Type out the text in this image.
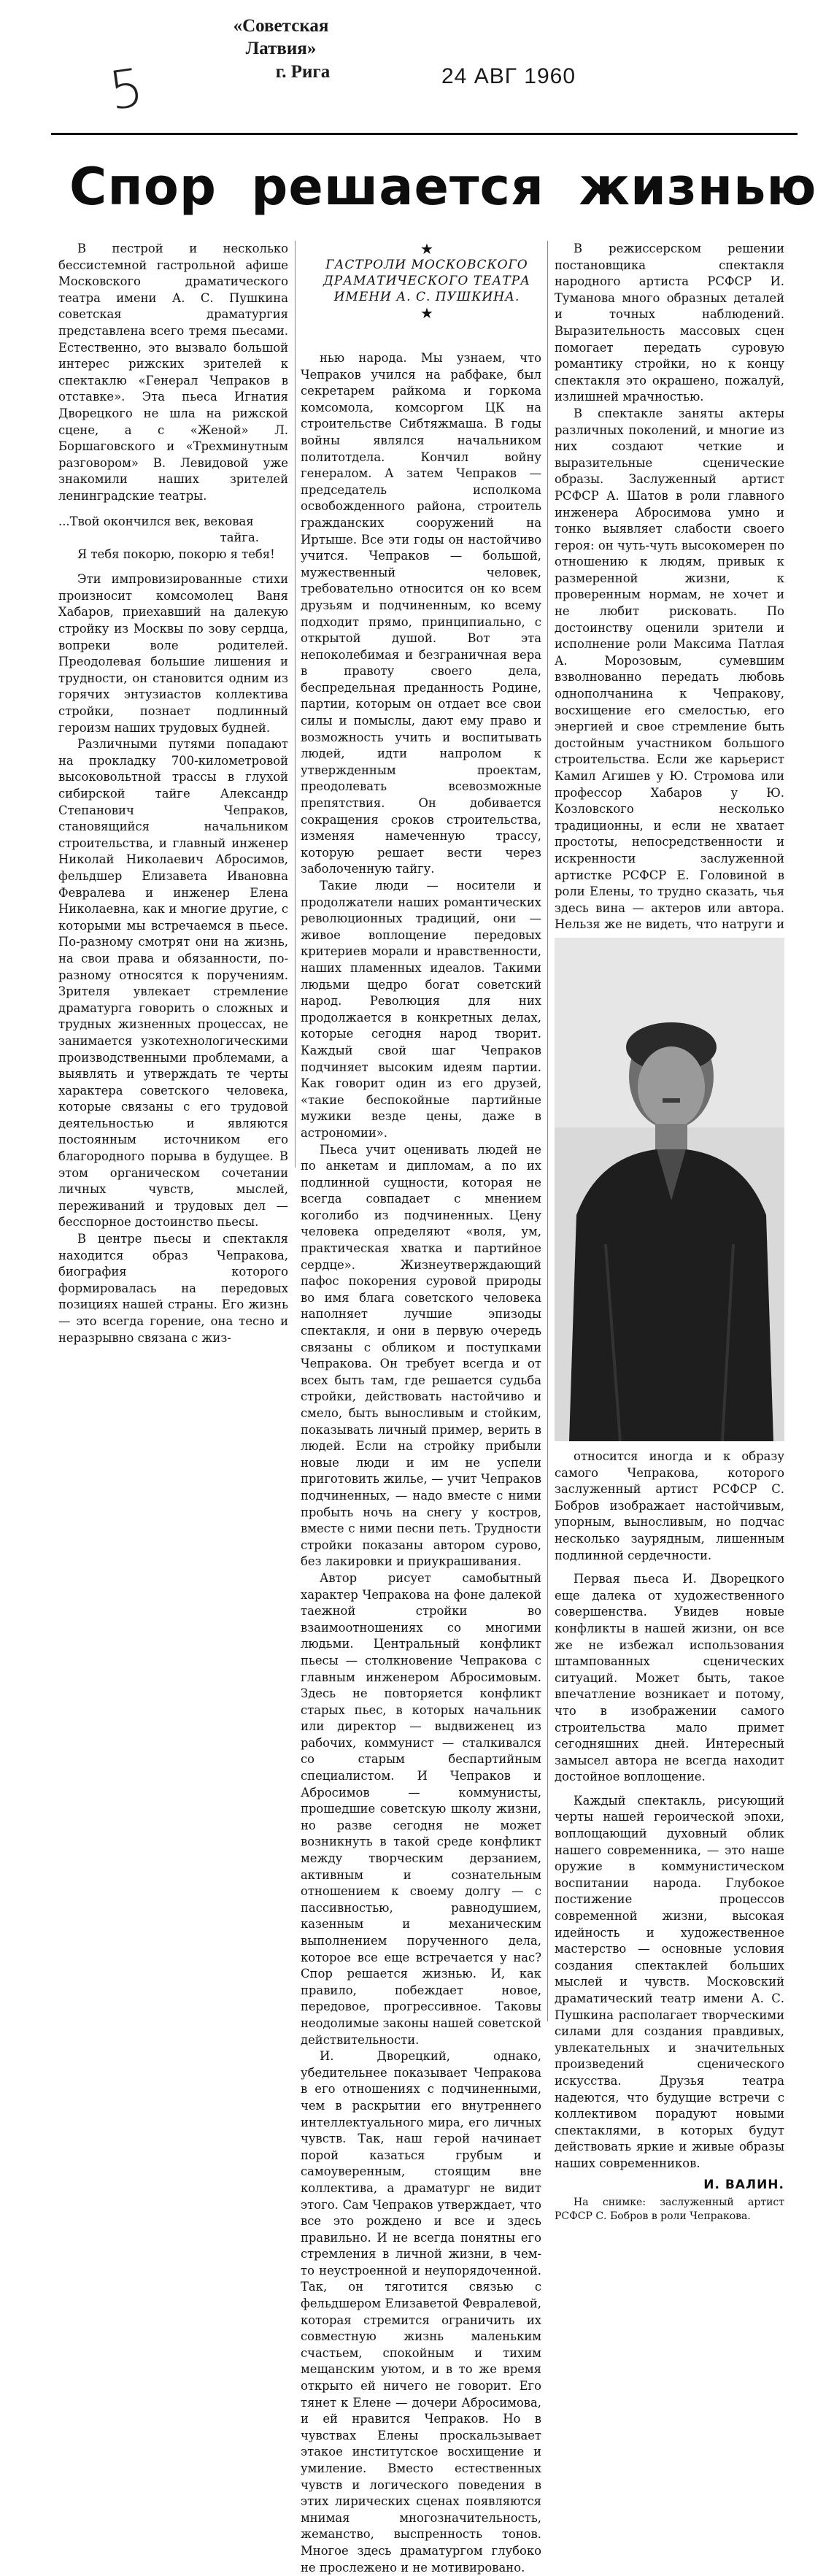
5
«Советская Латвия»
г. Рига	24 АВГ 1960
Спор решается жизнью

В пестрой и несколько бессистемной гастрольной афише Московского драматического театра имени А. С. Пушкина советская драматургия представлена всего тремя пьесами. Естественно, это вызвало большой интерес рижских зрителей к спектаклю «Генерал Чепраков в отставке». Эта пьеса Игнатия Дворецкого не шла на рижской сцене, а с «Женой» Л. Боршаговского и «Трехминутным разговором» В. Левидовой уже знакомили наших зрителей ленинградские театры.

...Твой окончился век, вековая
тайга.
Я тебя покорю, покорю я тебя!

Эти импровизированные стихи произносит комсомолец Ваня Хабаров, приехавший на далекую стройку из Москвы по зову сердца, вопреки воле родителей. Преодолевая большие лишения и трудности, он становится одним из горячих энтузиастов коллектива стройки, познает подлинный героизм наших трудовых будней.

Различными путями попадают на прокладку 700-километровой высоковольтной трассы в глухой сибирской тайге Александр Степанович Чепраков, становящийся начальником строительства, и главный инженер Николай Николаевич Абросимов, фельдшер Елизавета Ивановна Февралева и инженер Елена Николаевна, как и многие другие, с которыми мы встречаемся в пьесе. По-разному смотрят они на жизнь, на свои права и обязанности, по-разному относятся к поручениям. Зрителя увлекает стремление драматурга говорить о сложных и трудных жизненных процессах, не занимается узкотехнологическими производственными проблемами, а выявлять и утверждать те черты характера советского человека, которые связаны с его трудовой деятельностью и являются постоянным источником его благородного порыва в будущее. В этом органическом сочетании личных чувств, мыслей, переживаний и трудовых дел — бесспорное достоинство пьесы.

В центре пьесы и спектакля находится образ Чепракова, биография которого формировалась на передовых позициях нашей страны. Его жизнь — это всегда горение, она тесно и неразрывно связана с жиз-

★
ГАСТРОЛИ МОСКОВСКОГО ДРАМАТИЧЕСКОГО ТЕАТРА ИМЕНИ А. С. ПУШКИНА.
★

нью народа. Мы узнаем, что Чепраков учился на рабфаке, был секретарем райкома и горкома комсомола, комсоргом ЦК на строительстве Сибтяжмаша. В годы войны являлся начальником политотдела. Кончил войну генералом. А затем Чепраков — председатель исполкома освобожденного района, строитель гражданских сооружений на Иртыше. Все эти годы он настойчиво учится. Чепраков — большой, мужественный человек, требовательно относится он ко всем друзьям и подчиненным, ко всему подходит прямо, принципиально, с открытой душой. Вот эта непоколебимая и безграничная вера в правоту своего дела, беспредельная преданность Родине, партии, которым он отдает все свои силы и помыслы, дают ему право и возможность учить и воспитывать людей, идти напролом к утвержденным проектам, преодолевать всевозможные препятствия. Он добивается сокращения сроков строительства, изменяя намеченную трассу, которую решает вести через заболоченную тайгу.

Такие люди — носители и продолжатели наших романтических революционных традиций, они — живое воплощение передовых критериев морали и нравственности, наших пламенных идеалов. Такими людьми щедро богат советский народ. Революция для них продолжается в конкретных делах, которые сегодня народ творит. Каждый свой шаг Чепраков подчиняет высоким идеям партии. Как говорит один из его друзей, «такие беспокойные партийные мужики везде цены, даже в астрономии».

Пьеса учит оценивать людей не по анкетам и дипломам, а по их подлинной сущности, которая не всегда совпадает с мнением коголибо из подчиненных. Цену человека определяют «воля, ум, практическая хватка и партийное сердце». Жизнеутверждающий пафос покорения суровой природы во имя блага советского человека наполняет лучшие эпизоды спектакля, и они в первую очередь связаны с обликом и поступками Чепракова. Он требует всегда и от всех быть там, где решается судьба стройки, действовать настойчиво и смело, быть выносливым и стойким, показывать личный пример, верить в людей. Если на стройку прибыли новые люди и им не успели приготовить жилье, — учит Чепраков подчиненных, — надо вместе с ними пробыть ночь на снегу у костров, вместе с ними песни петь. Трудности стройки показаны автором сурово, без лакировки и приукрашивания.

Автор рисует самобытный характер Чепракова на фоне далекой таежной стройки во взаимоотношениях со многими людьми. Центральный конфликт пьесы — столкновение Чепракова с главным инженером Абросимовым. Здесь не повторяется конфликт старых пьес, в которых начальник или директор — выдвиженец из рабочих, коммунист — сталкивался со старым беспартийным специалистом. И Чепраков и Абросимов — коммунисты, прошедшие советскую школу жизни, но разве сегодня не может возникнуть в такой среде конфликт между творческим дерзанием, активным и сознательным отношением к своему долгу — с пассивностью, равнодушием, казенным и механическим выполнением порученного дела, которое все еще встречается у нас? Спор решается жизнью. И, как правило, побеждает новое, передовое, прогрессивное. Таковы неодолимые законы нашей советской действительности.

И. Дворецкий, однако, убедительнее показывает Чепракова в его отношениях с подчиненными, чем в раскрытии его внутреннего интеллектуального мира, его личных чувств. Так, наш герой начинает порой казаться грубым и самоуверенным, стоящим вне коллектива, а драматург не видит этого. Сам Чепраков утверждает, что все это рождено и все и здесь правильно. И не всегда понятны его стремления в личной жизни, в чем-то неустроенной и неупорядоченной. Так, он тяготится связью с фельдшером Елизаветой Февралевой, которая стремится ограничить их совместную жизнь маленьким счастьем, спокойным и тихим мещанским уютом, и в то же время открыто ей ничего не говорит. Его тянет к Елене — дочери Абросимова, и ей нравится Чепраков. Но в чувствах Елены проскальзывает этакое институтское восхищение и умиление. Вместо естественных чувств и логического поведения в этих лирических сценах появляются мнимая многозначительность, жеманство, выспренность тонов. Многое здесь драматургом глубоко не прослежено и не мотивировано.

В режиссерском решении постановщика спектакля народного артиста РСФСР И. Туманова много образных деталей и точных наблюдений. Выразительность массовых сцен помогает передать суровую романтику стройки, но к концу спектакля это окрашено, пожалуй, излишней мрачностью.

В спектакле заняты актеры различных поколений, и многие из них создают четкие и выразительные сценические образы. Заслуженный артист РСФСР А. Шатов в роли главного инженера Абросимова умно и тонко выявляет слабости своего героя: он чуть-чуть высокомерен по отношению к людям, привык к размеренной жизни, к проверенным нормам, не хочет и не любит рисковать. По достоинству оценили зрители и исполнение роли Максима Патлая А. Морозовым, сумевшим взволнованно передать любовь однополчанина к Чепракову, восхищение его смелостью, его энергией и свое стремление быть достойным участником большого строительства. Если же карьерист Камил Агишев у Ю. Стромова или профессор Хабаров у Ю. Козловского несколько традиционны, и если не хватает простоты, непосредственности и искренности заслуженной артистке РСФСР Е. Головиной в роли Елены, то трудно сказать, чья здесь вина — актеров или автора. Нельзя же не видеть, что натруги и

относится иногда и к образу самого Чепракова, которого заслуженный артист РСФСР С. Бобров изображает настойчивым, упорным, выносливым, но подчас несколько заурядным, лишенным подлинной сердечности.

Первая пьеса И. Дворецкого еще далека от художественного совершенства. Увидев новые конфликты в нашей жизни, он все же не избежал использования штампованных сценических ситуаций. Может быть, такое впечатление возникает и потому, что в изображении самого строительства мало примет сегодняшних дней. Интересный замысел автора не всегда находит достойное воплощение.

Каждый спектакль, рисующий черты нашей героической эпохи, воплощающий духовный облик нашего современника, — это наше оружие в коммунистическом воспитании народа. Глубокое постижение процессов современной жизни, высокая идейность и художественное мастерство — основные условия создания спектаклей больших мыслей и чувств. Московский драматический театр имени А. С. Пушкина располагает творческими силами для создания правдивых, увлекательных и значительных произведений сценического искусства. Друзья театра надеются, что будущие встречи с коллективом порадуют новыми спектаклями, в которых будут действовать яркие и живые образы наших современников.

И. ВАЛИН.
На снимке: заслуженный артист РСФСР С. Бобров в роли Чепракова.
